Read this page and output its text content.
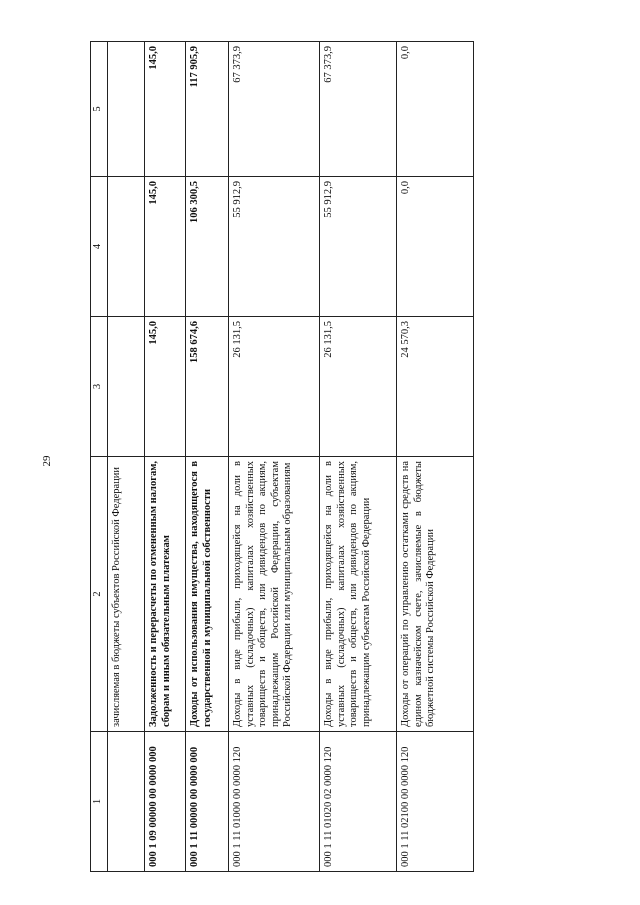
29
1	2	3	4	5
	зачисляемая в бюджеты субъектов Российской Федерации			
000 1 09 00000 00 0000 000	Задолженность и перерасчеты по отмененным налогам, сборам и иным обязательным платежам	145,0	145,0	145,0
000 1 11 00000 00 0000 000	Доходы от использования имущества, находящегося в государственной и муниципальной собственности	158 674,6	106 300,5	117 905,9
000 1 11 01000 00 0000 120	Доходы в виде прибыли, приходящейся на доли в уставных (складочных) капиталах хозяйственных товариществ и обществ, или дивидендов по акциям, принадлежащим Российской Федерации, субъектам Российской Федерации или муниципальным образованиям	26 131,5	55 912,9	67 373,9
000 1 11 01020 02 0000 120	Доходы в виде прибыли, приходящейся на доли в уставных (складочных) капиталах хозяйственных товариществ и обществ, или дивидендов по акциям, принадлежащим субъектам Российской Федерации	26 131,5	55 912,9	67 373,9
000 1 11 02100 00 0000 120	Доходы от операций по управлению остатками средств на едином казначейском счете, зачисляемые в бюджеты бюджетной системы Российской Федерации	24 570,3	0,0	0,0
